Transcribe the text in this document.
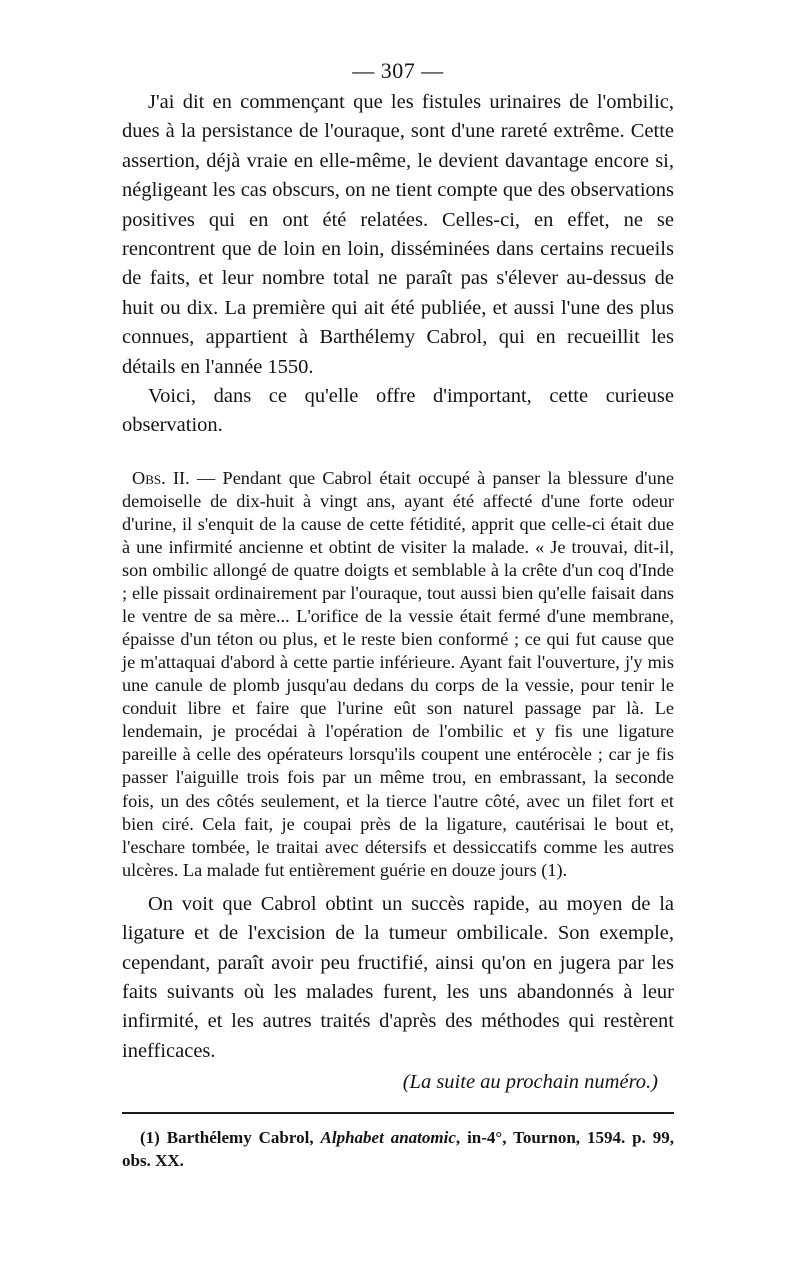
— 307 —

J'ai dit en commençant que les fistules urinaires de l'ombilic, dues à la persistance de l'ouraque, sont d'une rareté extrême. Cette assertion, déjà vraie en elle-même, le devient davantage encore si, négligeant les cas obscurs, on ne tient compte que des observations positives qui en ont été relatées. Celles-ci, en effet, ne se rencontrent que de loin en loin, disséminées dans certains recueils de faits, et leur nombre total ne paraît pas s'élever au-dessus de huit ou dix. La première qui ait été publiée, et aussi l'une des plus connues, appartient à Barthélemy Cabrol, qui en recueillit les détails en l'année 1550.

Voici, dans ce qu'elle offre d'important, cette curieuse observation.

Obs. II. — Pendant que Cabrol était occupé à panser la blessure d'une demoiselle de dix-huit à vingt ans, ayant été affecté d'une forte odeur d'urine, il s'enquit de la cause de cette fétidité, apprit que celle-ci était due à une infirmité ancienne et obtint de visiter la malade. « Je trouvai, dit-il, son ombilic allongé de quatre doigts et semblable à la crête d'un coq d'Inde ; elle pissait ordinairement par l'ouraque, tout aussi bien qu'elle faisait dans le ventre de sa mère... L'orifice de la vessie était fermé d'une membrane, épaisse d'un téton ou plus, et le reste bien conformé ; ce qui fut cause que je m'attaquai d'abord à cette partie inférieure. Ayant fait l'ouverture, j'y mis une canule de plomb jusqu'au dedans du corps de la vessie, pour tenir le conduit libre et faire que l'urine eût son naturel passage par là. Le lendemain, je procédai à l'opération de l'ombilic et y fis une ligature pareille à celle des opérateurs lorsqu'ils coupent une entérocèle ; car je fis passer l'aiguille trois fois par un même trou, en embrassant, la seconde fois, un des côtés seulement, et la tierce l'autre côté, avec un filet fort et bien ciré. Cela fait, je coupai près de la ligature, cautérisai le bout et, l'eschare tombée, le traitai avec détersifs et dessiccatifs comme les autres ulcères. La malade fut entièrement guérie en douze jours (1).

On voit que Cabrol obtint un succès rapide, au moyen de la ligature et de l'excision de la tumeur ombilicale. Son exemple, cependant, paraît avoir peu fructifié, ainsi qu'on en jugera par les faits suivants où les malades furent, les uns abandonnés à leur infirmité, et les autres traités d'après des méthodes qui restèrent inefficaces.

(La suite au prochain numéro.)

(1) Barthélemy Cabrol, Alphabet anatomic, in-4°, Tournon, 1594. p. 99, obs. XX.
